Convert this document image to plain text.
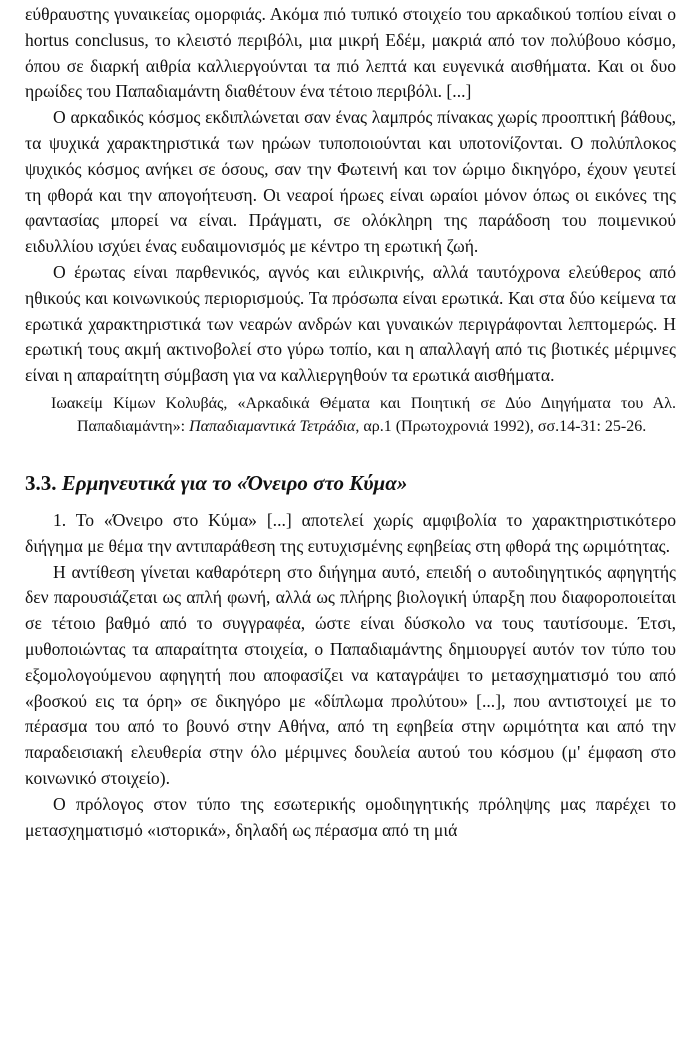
εύθραυστης γυναικείας ομορφιάς. Ακόμα πιό τυπικό στοιχείο του αρκαδικού τοπίου είναι ο hortus conclusus, το κλειστό περιβόλι, μια μικρή Εδέμ, μακριά από τον πολύβουο κόσμο, όπου σε διαρκή αιθρία καλλιεργούνται τα πιό λεπτά και ευγενικά αισθήματα. Και οι δυο ηρωίδες του Παπαδιαμάντη διαθέτουν ένα τέτοιο περιβόλι. [...]

Ο αρκαδικός κόσμος εκδιπλώνεται σαν ένας λαμπρός πίνακας χωρίς προοπτική βάθους, τα ψυχικά χαρακτηριστικά των ηρώων τυποποιούνται και υποτονίζονται. Ο πολύπλοκος ψυχικός κόσμος ανήκει σε όσους, σαν την Φωτεινή και τον ώριμο δικηγόρο, έχουν γευτεί τη φθορά και την απογοήτευση. Οι νεαροί ήρωες είναι ωραίοι μόνον όπως οι εικόνες της φαντασίας μπορεί να είναι. Πράγματι, σε ολόκληρη της παράδοση του ποιμενικού ειδυλλίου ισχύει ένας ευδαιμονισμός με κέντρο τη ερωτική ζωή.

Ο έρωτας είναι παρθενικός, αγνός και ειλικρινής, αλλά ταυτόχρονα ελεύθερος από ηθικούς και κοινωνικούς περιορισμούς. Τα πρόσωπα είναι ερωτικά. Και στα δύο κείμενα τα ερωτικά χαρακτηριστικά των νεαρών ανδρών και γυναικών περιγράφονται λεπτομερώς. Η ερωτική τους ακμή ακτινοβολεί στο γύρω τοπίο, και η απαλλαγή από τις βιοτικές μέριμνες είναι η απαραίτητη σύμβαση για να καλλιεργηθούν τα ερωτικά αισθήματα.

Ιωακείμ Κίμων Κολυβάς, «Αρκαδικά Θέματα και Ποιητική σε Δύο Διηγήματα του Αλ. Παπαδιαμάντη»: Παπαδιαμαντικά Τετράδια, αρ.1 (Πρωτοχρονιά 1992), σσ.14-31: 25-26.

3.3. Ερμηνευτικά για το «Όνειρο στο Κύμα»

1. Το «Όνειρο στο Κύμα» [...] αποτελεί χωρίς αμφιβολία το χαρακτηριστικότερο διήγημα με θέμα την αντιπαράθεση της ευτυχισμένης εφηβείας στη φθορά της ωριμότητας.

Η αντίθεση γίνεται καθαρότερη στο διήγημα αυτό, επειδή ο αυτοδιηγητικός αφηγητής δεν παρουσιάζεται ως απλή φωνή, αλλά ως πλήρης βιολογική ύπαρξη που διαφοροποιείται σε τέτοιο βαθμό από το συγγραφέα, ώστε είναι δύσκολο να τους ταυτίσουμε. Έτσι, μυθοποιώντας τα απαραίτητα στοιχεία, ο Παπαδιαμάντης δημιουργεί αυτόν τον τύπο του εξομολογούμενου αφηγητή που αποφασίζει να καταγράψει το μετασχηματισμό του από «βοσκού εις τα όρη» σε δικηγόρο με «δίπλωμα προλύτου» [...], που αντιστοιχεί με το πέρασμα του από το βουνό στην Αθήνα, από τη εφηβεία στην ωριμότητα και από την παραδεισιακή ελευθερία στην όλο μέριμνες δουλεία αυτού του κόσμου (μ' έμφαση στο κοινωνικό στοιχείο).

Ο πρόλογος στον τύπο της εσωτερικής ομοδιηγητικής πρόληψης μας παρέχει το μετασχηματισμό «ιστορικά», δηλαδή ως πέρασμα από τη μιά
